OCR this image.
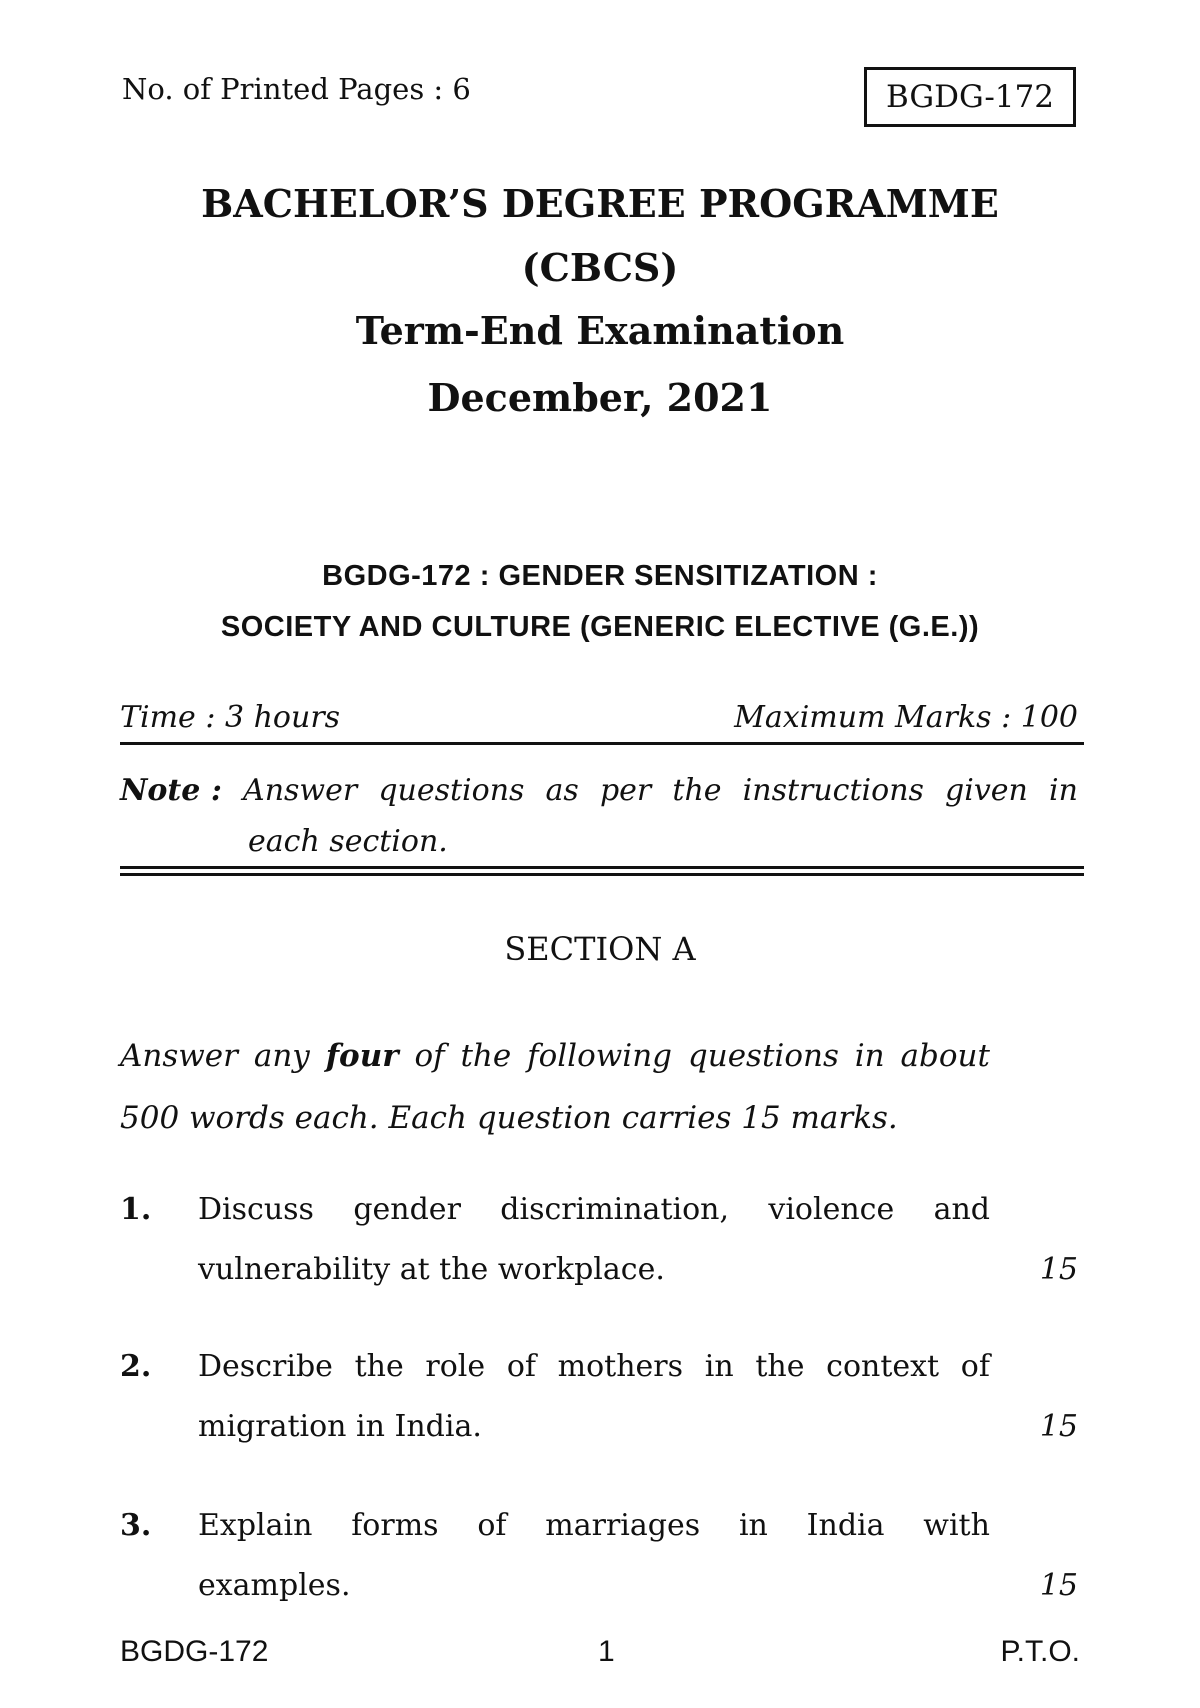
No. of Printed Pages : 6	BGDG-172
BACHELOR’S DEGREE PROGRAMME
(CBCS)
Term-End Examination
December, 2021
BGDG-172 : GENDER SENSITIZATION :
SOCIETY AND CULTURE (GENERIC ELECTIVE (G.E.))
Time : 3 hours	Maximum Marks : 100
Note : Answer questions as per the instructions given in
each section.
SECTION A
Answer any four of the following questions in about
500 words each. Each question carries 15 marks.
1. Discuss gender discrimination, violence and
vulnerability at the workplace.	15
2. Describe the role of mothers in the context of
migration in India.	15
3. Explain forms of marriages in India with
examples.	15
BGDG-172	1	P.T.O.
